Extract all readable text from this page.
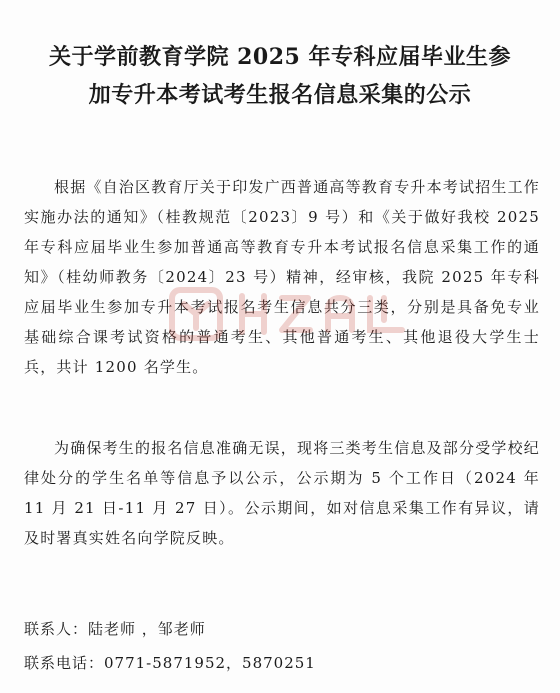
关于学前教育学院 2025 年专科应届毕业生参
加专升本考试考生报名信息采集的公示

根据《自治区教育厅关于印发广西普通高等教育专升本考试招生工作实施办法的通知》（桂教规范〔2023〕9 号）和《关于做好我校 2025 年专科应届毕业生参加普通高等教育专升本考试报名信息采集工作的通知》（桂幼师教务〔2024〕23 号）精神，经审核，我院 2025 年专科应届毕业生参加专升本考试报名考生信息共分三类，分别是具备免专业基础综合课考试资格的普通考生、其他普通考生、其他退役大学生士兵，共计 1200 名学生。

为确保考生的报名信息准确无误，现将三类考生信息及部分受学校纪律处分的学生名单等信息予以公示，公示期为 5 个工作日（2024 年 11 月 21 日-11 月 27 日）。公示期间，如对信息采集工作有异议，请及时署真实姓名向学院反映。

联系人：陆老师 ，邹老师
联系电话：0771-5871952，5870251
